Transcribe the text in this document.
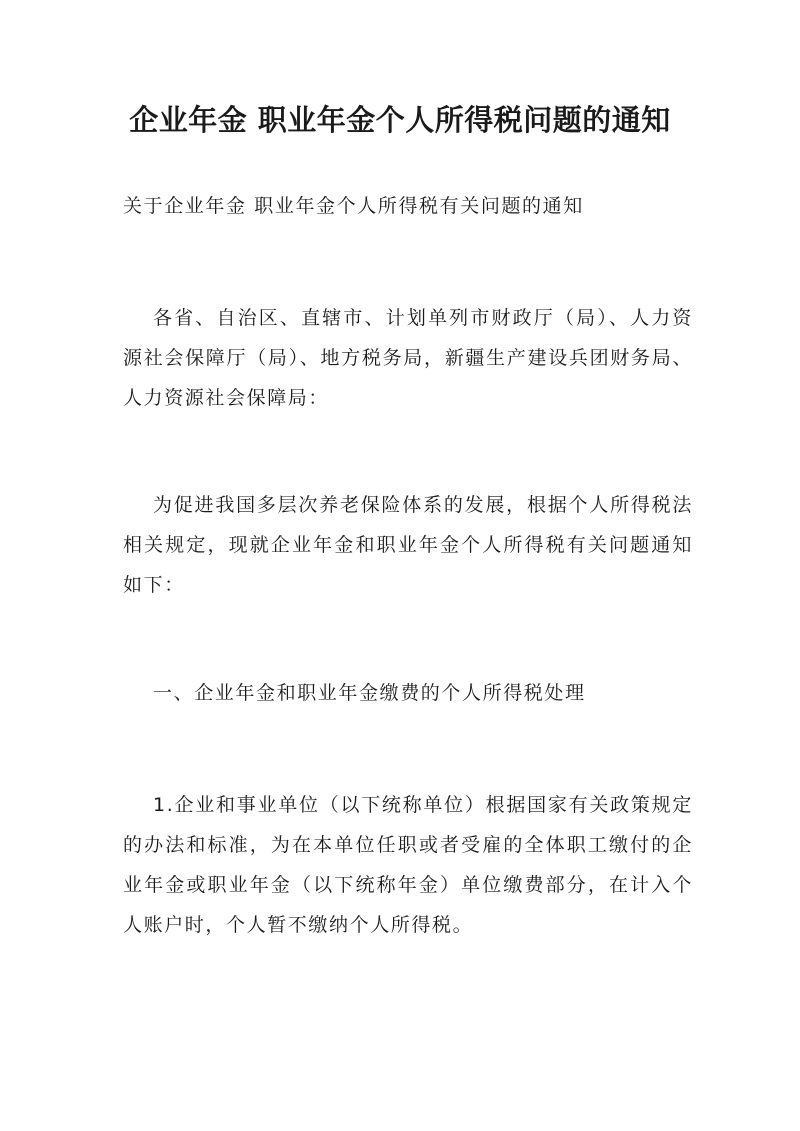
企业年金 职业年金个人所得税问题的通知

关于企业年金 职业年金个人所得税有关问题的通知

各省、自治区、直辖市、计划单列市财政厅（局）、人力资源社会保障厅（局）、地方税务局，新疆生产建设兵团财务局、人力资源社会保障局：

为促进我国多层次养老保险体系的发展，根据个人所得税法相关规定，现就企业年金和职业年金个人所得税有关问题通知如下：

一、企业年金和职业年金缴费的个人所得税处理

1.企业和事业单位（以下统称单位）根据国家有关政策规定的办法和标准，为在本单位任职或者受雇的全体职工缴付的企业年金或职业年金（以下统称年金）单位缴费部分，在计入个人账户时，个人暂不缴纳个人所得税。
